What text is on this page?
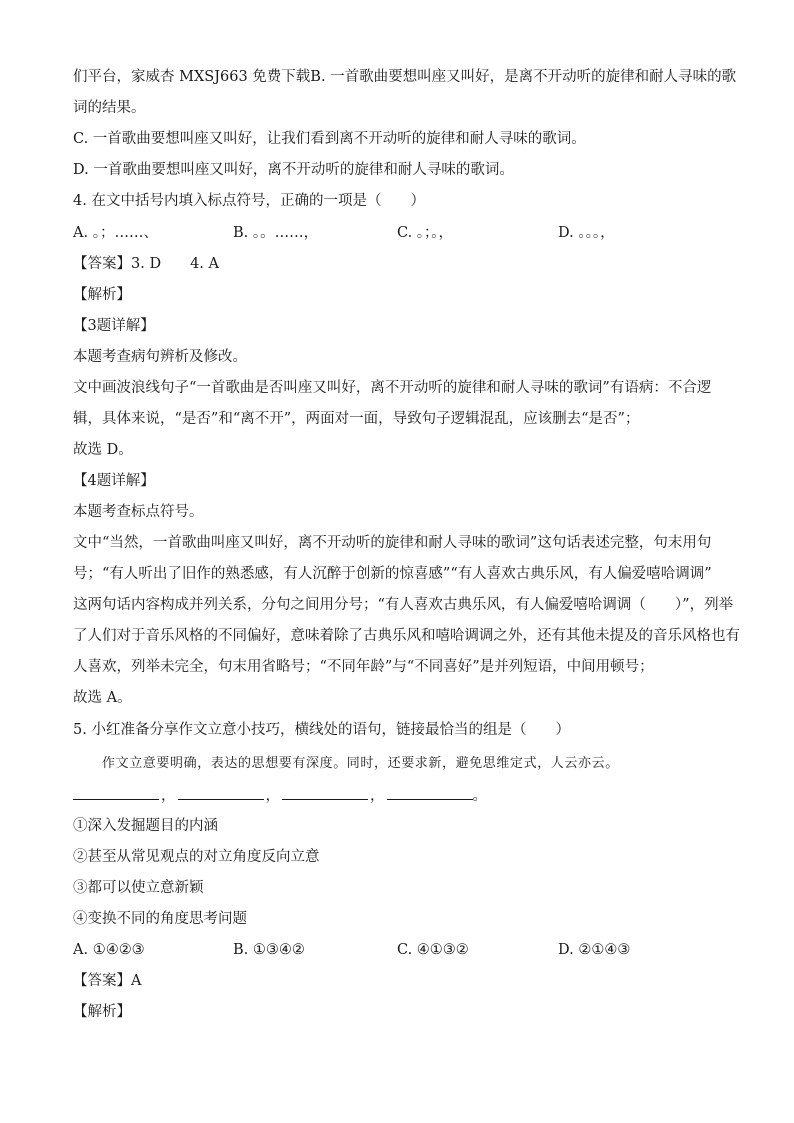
们平台，家威杏 MXSJ663 免费下载B. 一首歌曲要想叫座又叫好，是离不开动听的旋律和耐人寻味的歌
词的结果。
C. 一首歌曲要想叫座又叫好，让我们看到离不开动听的旋律和耐人寻味的歌词。
D. 一首歌曲要想叫座又叫好，离不开动听的旋律和耐人寻味的歌词。
4. 在文中括号内填入标点符号，正确的一项是（　　）
A. 。；……、	B. 。。……，	C. 。；。，	D. 。。。，
【答案】3. D　　4. A
【解析】
【3题详解】
本题考查病句辨析及修改。
文中画波浪线句子“一首歌曲是否叫座又叫好，离不开动听的旋律和耐人寻味的歌词”有语病：不合逻
辑，具体来说，“是否”和“离不开”，两面对一面，导致句子逻辑混乱，应该删去“是否”；
故选 D。
【4题详解】
本题考查标点符号。
文中“当然，一首歌曲叫座又叫好，离不开动听的旋律和耐人寻味的歌词”这句话表述完整，句末用句
号；“有人听出了旧作的熟悉感，有人沉醉于创新的惊喜感”“有人喜欢古典乐风，有人偏爱嘻哈调调”
这两句话内容构成并列关系，分句之间用分号；“有人喜欢古典乐风，有人偏爱嘻哈调调（　　）”，列举
了人们对于音乐风格的不同偏好，意味着除了古典乐风和嘻哈调调之外，还有其他未提及的音乐风格也有
人喜欢，列举未完全，句末用省略号；“不同年龄”与“不同喜好”是并列短语，中间用顿号；
故选 A。
5. 小红准备分享作文立意小技巧，横线处的语句，链接最恰当的组是（　　）
作文立意要明确，表达的思想要有深度。同时，还要求新，避免思维定式，人云亦云。
，	，	，	。
①深入发掘题目的内涵
②甚至从常见观点的对立角度反向立意
③都可以使立意新颖
④变换不同的角度思考问题
A. ①④②③	B. ①③④②	C. ④①③②	D. ②①④③
【答案】A
【解析】
